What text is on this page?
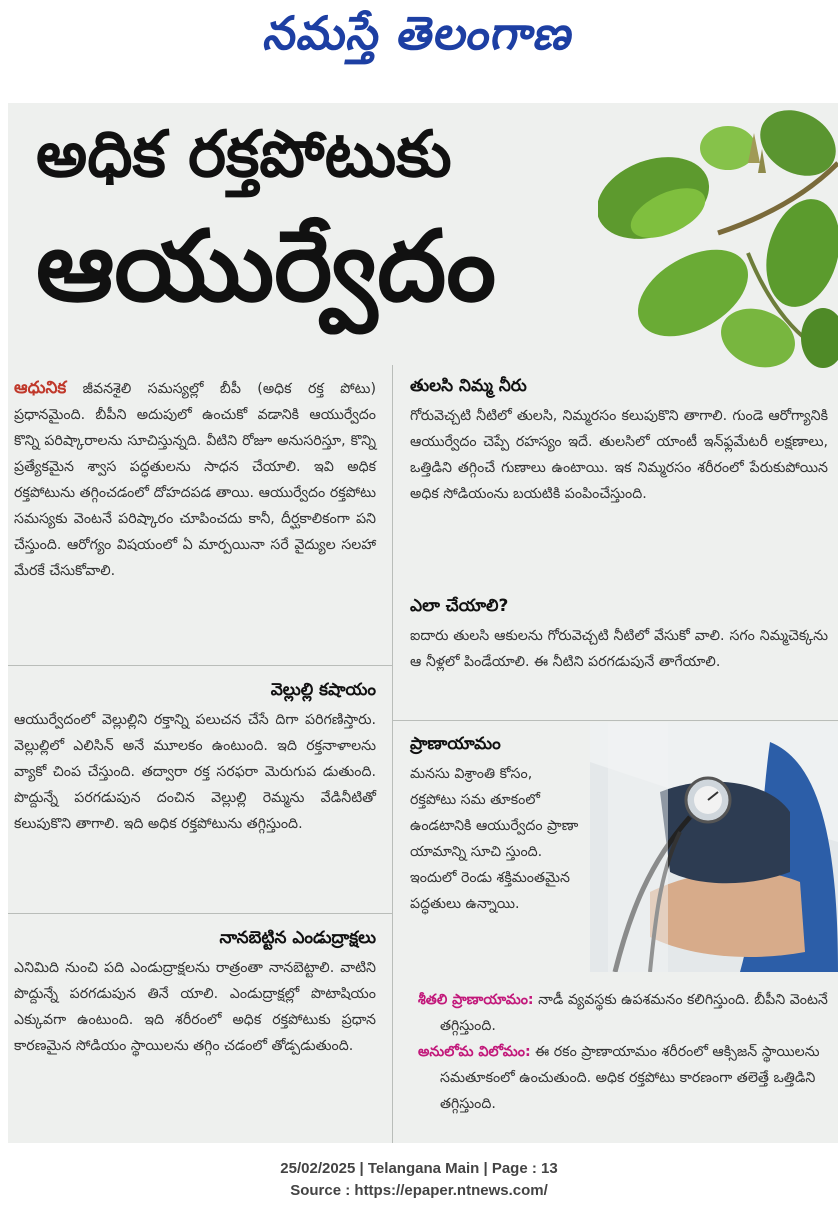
నమస్తే తెలంగాణ
అధిక రక్తపోటుకు
ఆయుర్వేదం

ఆధునిక జీవనశైలి సమస్యల్లో బీపీ (అధిక రక్త పోటు) ప్రధానమైంది. బీపీని అదుపులో ఉంచుకో వడానికి ఆయుర్వేదం కొన్ని పరిష్కారాలను సూచిస్తున్నది. వీటిని రోజూ అనుసరిస్తూ, కొన్ని ప్రత్యేకమైన శ్వాస పద్ధతులను సాధన చేయాలి. ఇవి అధిక రక్తపోటును తగ్గించడంలో దోహదపడ తాయి. ఆయుర్వేదం రక్తపోటు సమస్యకు వెంటనే పరిష్కారం చూపించదు కానీ, దీర్ఘకాలికంగా పని చేస్తుంది. ఆరోగ్యం విషయంలో ఏ మార్పయినా సరే వైద్యుల సలహా మేరకే చేసుకోవాలి.

వెల్లుల్లి కషాయం

ఆయుర్వేదంలో వెల్లుల్లిని రక్తాన్ని పలుచన చేసే దిగా పరిగణిస్తారు. వెల్లుల్లిలో ఎలిసిన్ అనే మూలకం ఉంటుంది. ఇది రక్తనాళాలను వ్యాకో చింప చేస్తుంది. తద్వారా రక్త సరఫరా మెరుగుప డుతుంది. పొద్దున్నే పరగడుపున దంచిన వెల్లుల్లి రెమ్మను వేడినీటితో కలుపుకొని తాగాలి. ఇది అధిక రక్తపోటును తగ్గిస్తుంది.

నానబెట్టిన ఎండుద్రాక్షలు

ఎనిమిది నుంచి పది ఎండుద్రాక్షలను రాత్రంతా నానబెట్టాలి. వాటిని పొద్దున్నే పరగడుపున తినే యాలి. ఎండుద్రాక్షల్లో పొటాషియం ఎక్కువగా ఉంటుంది. ఇది శరీరంలో అధిక రక్తపోటుకు ప్రధాన కారణమైన సోడియం స్థాయిలను తగ్గిం చడంలో తోడ్పడుతుంది.

తులసి నిమ్మ నీరు

గోరువెచ్చటి నీటిలో తులసి, నిమ్మరసం కలుపుకొని తాగాలి. గుండె ఆరోగ్యానికి ఆయుర్వేదం చెప్పే రహస్యం ఇదే. తులసిలో యాంటీ ఇన్‌ఫ్లమేటరీ లక్షణాలు, ఒత్తిడిని తగ్గించే గుణాలు ఉంటాయి. ఇక నిమ్మరసం శరీరంలో పేరుకుపోయిన అధిక సోడియంను బయటికి పంపించేస్తుంది.

ఎలా చేయాలి?

ఐదారు తులసి ఆకులను గోరువెచ్చటి నీటిలో వేసుకో వాలి. సగం నిమ్మచెక్కను ఆ నీళ్లలో పిండేయాలి. ఈ నీటిని పరగడుపునే తాగేయాలి.

ప్రాణాయామం

మనసు విశ్రాంతి కోసం, రక్తపోటు సమ తూకంలో ఉండటానికి ఆయుర్వేదం ప్రాణా యామాన్ని సూచి స్తుంది. ఇందులో రెండు శక్తిమంతమైన పద్ధతులు ఉన్నాయి.

శీతలి ప్రాణాయామం: నాడీ వ్యవస్థకు ఉపశమనం కలిగిస్తుంది. బీపీని వెంటనే తగ్గిస్తుంది.

అనులోమ విలోమం: ఈ రకం ప్రాణాయామం శరీరంలో ఆక్సిజన్ స్థాయిలను సమతూకంలో ఉంచుతుంది. అధిక రక్తపోటు కారణంగా తలెత్తే ఒత్తిడిని తగ్గిస్తుంది.

25/02/2025 | Telangana Main | Page : 13
Source : https://epaper.ntnews.com/
